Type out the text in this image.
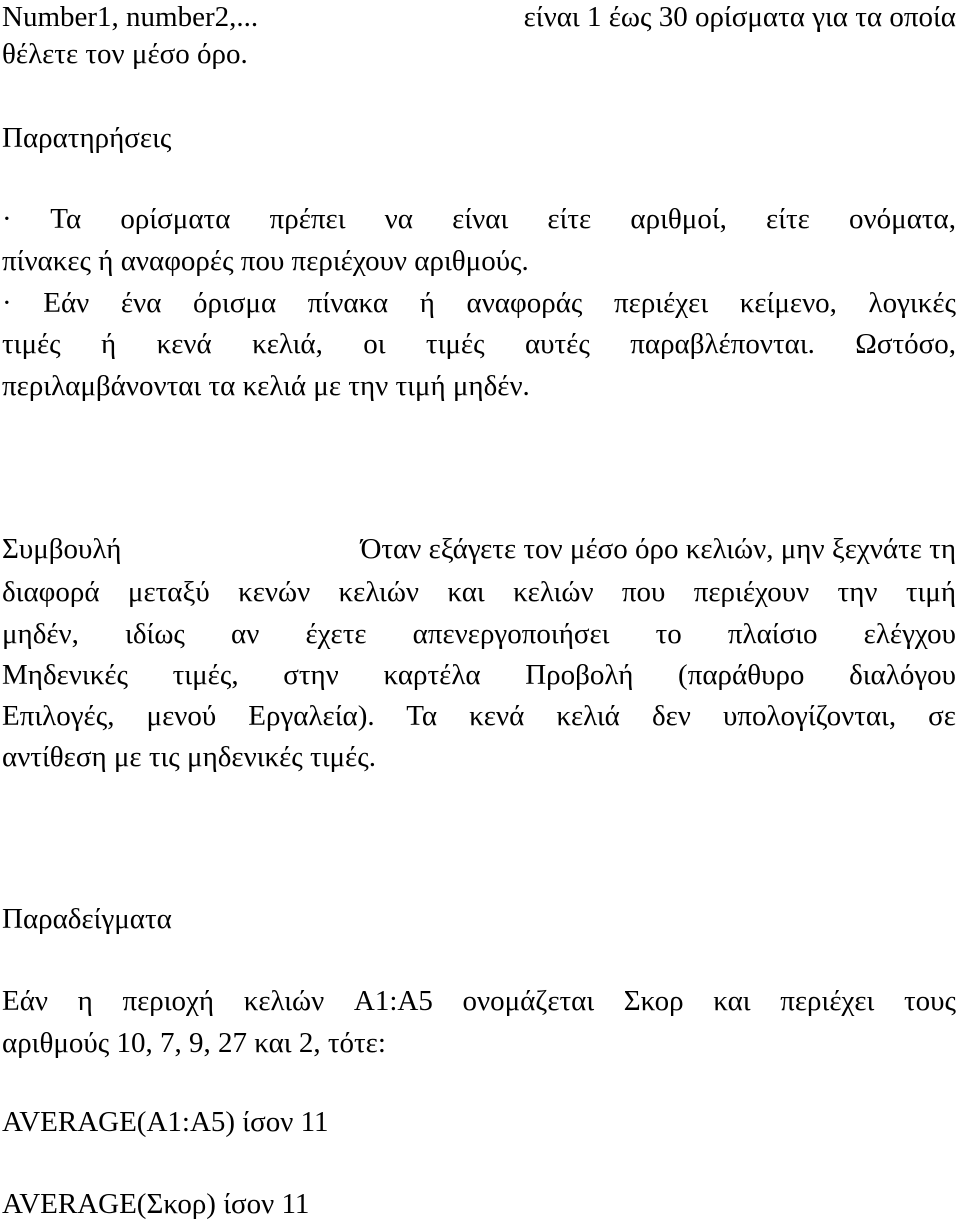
Number1, number2,...	είναι 1 έως 30 ορίσματα για τα οποία
θέλετε τον μέσο όρο.
Παρατηρήσεις
· Τα ορίσματα πρέπει να είναι είτε αριθμοί, είτε ονόματα,
πίνακες ή αναφορές που περιέχουν αριθμούς.
· Εάν ένα όρισμα πίνακα ή αναφοράς περιέχει κείμενο, λογικές
τιμές ή κενά κελιά, οι τιμές αυτές παραβλέπονται. Ωστόσο,
περιλαμβάνονται τα κελιά με την τιμή μηδέν.
Συμβουλή	Όταν εξάγετε τον μέσο όρο κελιών, μην ξεχνάτε τη
διαφορά μεταξύ κενών κελιών και κελιών που περιέχουν την τιμή
μηδέν, ιδίως αν έχετε απενεργοποιήσει το πλαίσιο ελέγχου
Μηδενικές τιμές, στην καρτέλα Προβολή (παράθυρο διαλόγου
Επιλογές, μενού Εργαλεία). Τα κενά κελιά δεν υπολογίζονται, σε
αντίθεση με τις μηδενικές τιμές.
Παραδείγματα
Εάν η περιοχή κελιών A1:A5 ονομάζεται Σκορ και περιέχει τους
αριθμούς 10, 7, 9, 27 και 2, τότε:
AVERAGE(A1:A5) ίσον 11
AVERAGE(Σκορ) ίσον 11
